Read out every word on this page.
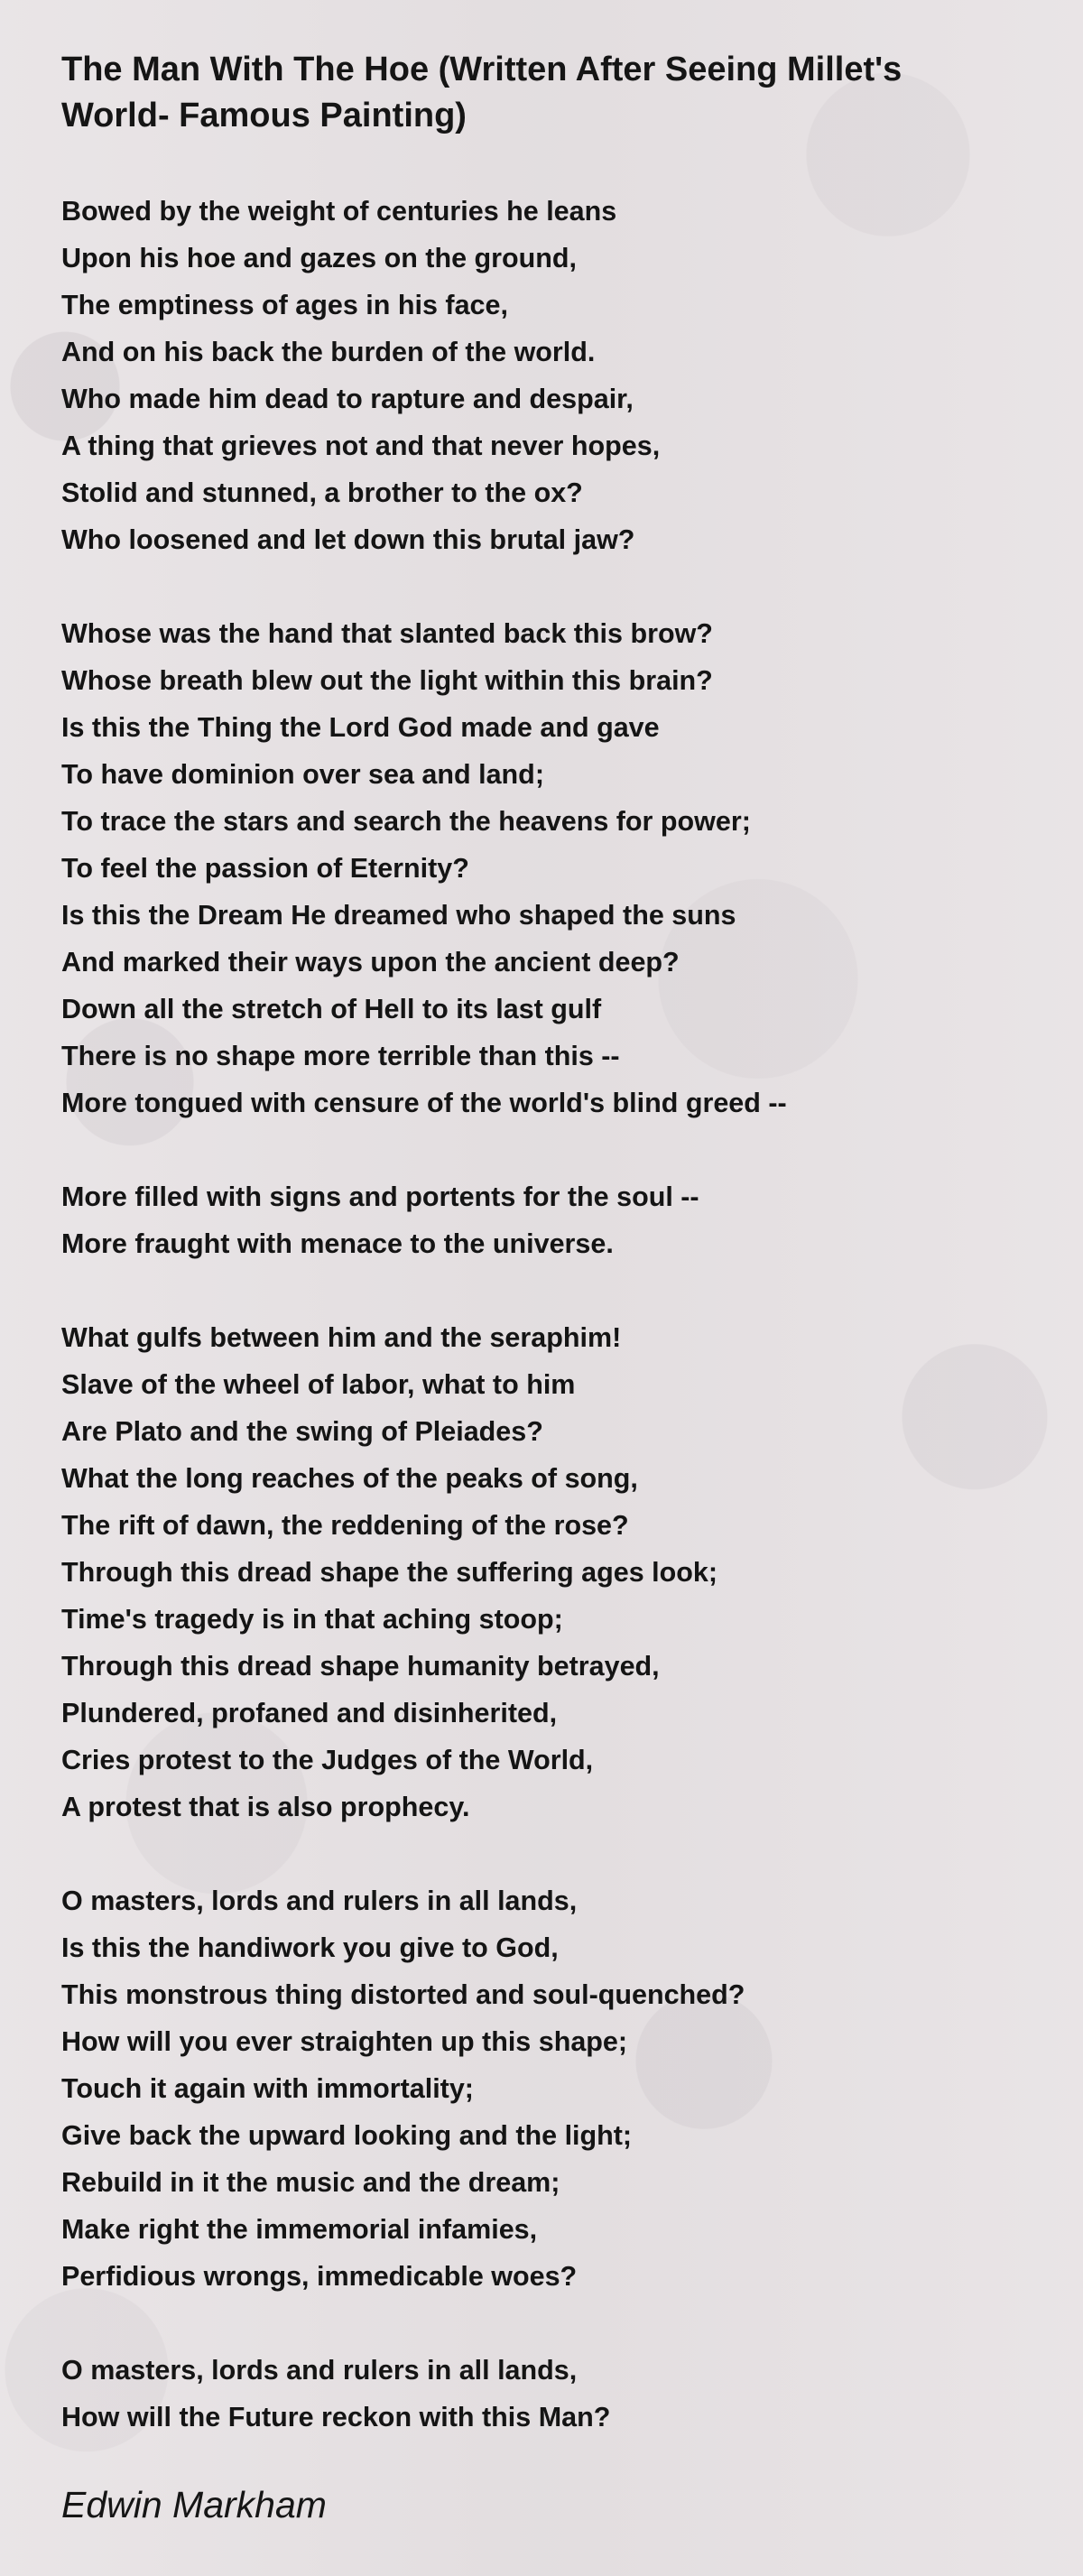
The Man With The Hoe (Written After Seeing Millet's World- Famous Painting)
Bowed by the weight of centuries he leans
Upon his hoe and gazes on the ground,
The emptiness of ages in his face,
And on his back the burden of the world.
Who made him dead to rapture and despair,
A thing that grieves not and that never hopes,
Stolid and stunned, a brother to the ox?
Who loosened and let down this brutal jaw?
Whose was the hand that slanted back this brow?
Whose breath blew out the light within this brain?
Is this the Thing the Lord God made and gave
To have dominion over sea and land;
To trace the stars and search the heavens for power;
To feel the passion of Eternity?
Is this the Dream He dreamed who shaped the suns
And marked their ways upon the ancient deep?
Down all the stretch of Hell to its last gulf
There is no shape more terrible than this --
More tongued with censure of the world's blind greed --
More filled with signs and portents for the soul --
More fraught with menace to the universe.
What gulfs between him and the seraphim!
Slave of the wheel of labor, what to him
Are Plato and the swing of Pleiades?
What the long reaches of the peaks of song,
The rift of dawn, the reddening of the rose?
Through this dread shape the suffering ages look;
Time's tragedy is in that aching stoop;
Through this dread shape humanity betrayed,
Plundered, profaned and disinherited,
Cries protest to the Judges of the World,
A protest that is also prophecy.
O masters, lords and rulers in all lands,
Is this the handiwork you give to God,
This monstrous thing distorted and soul-quenched?
How will you ever straighten up this shape;
Touch it again with immortality;
Give back the upward looking and the light;
Rebuild in it the music and the dream;
Make right the immemorial infamies,
Perfidious wrongs, immedicable woes?
O masters, lords and rulers in all lands,
How will the Future reckon with this Man?
Edwin Markham
